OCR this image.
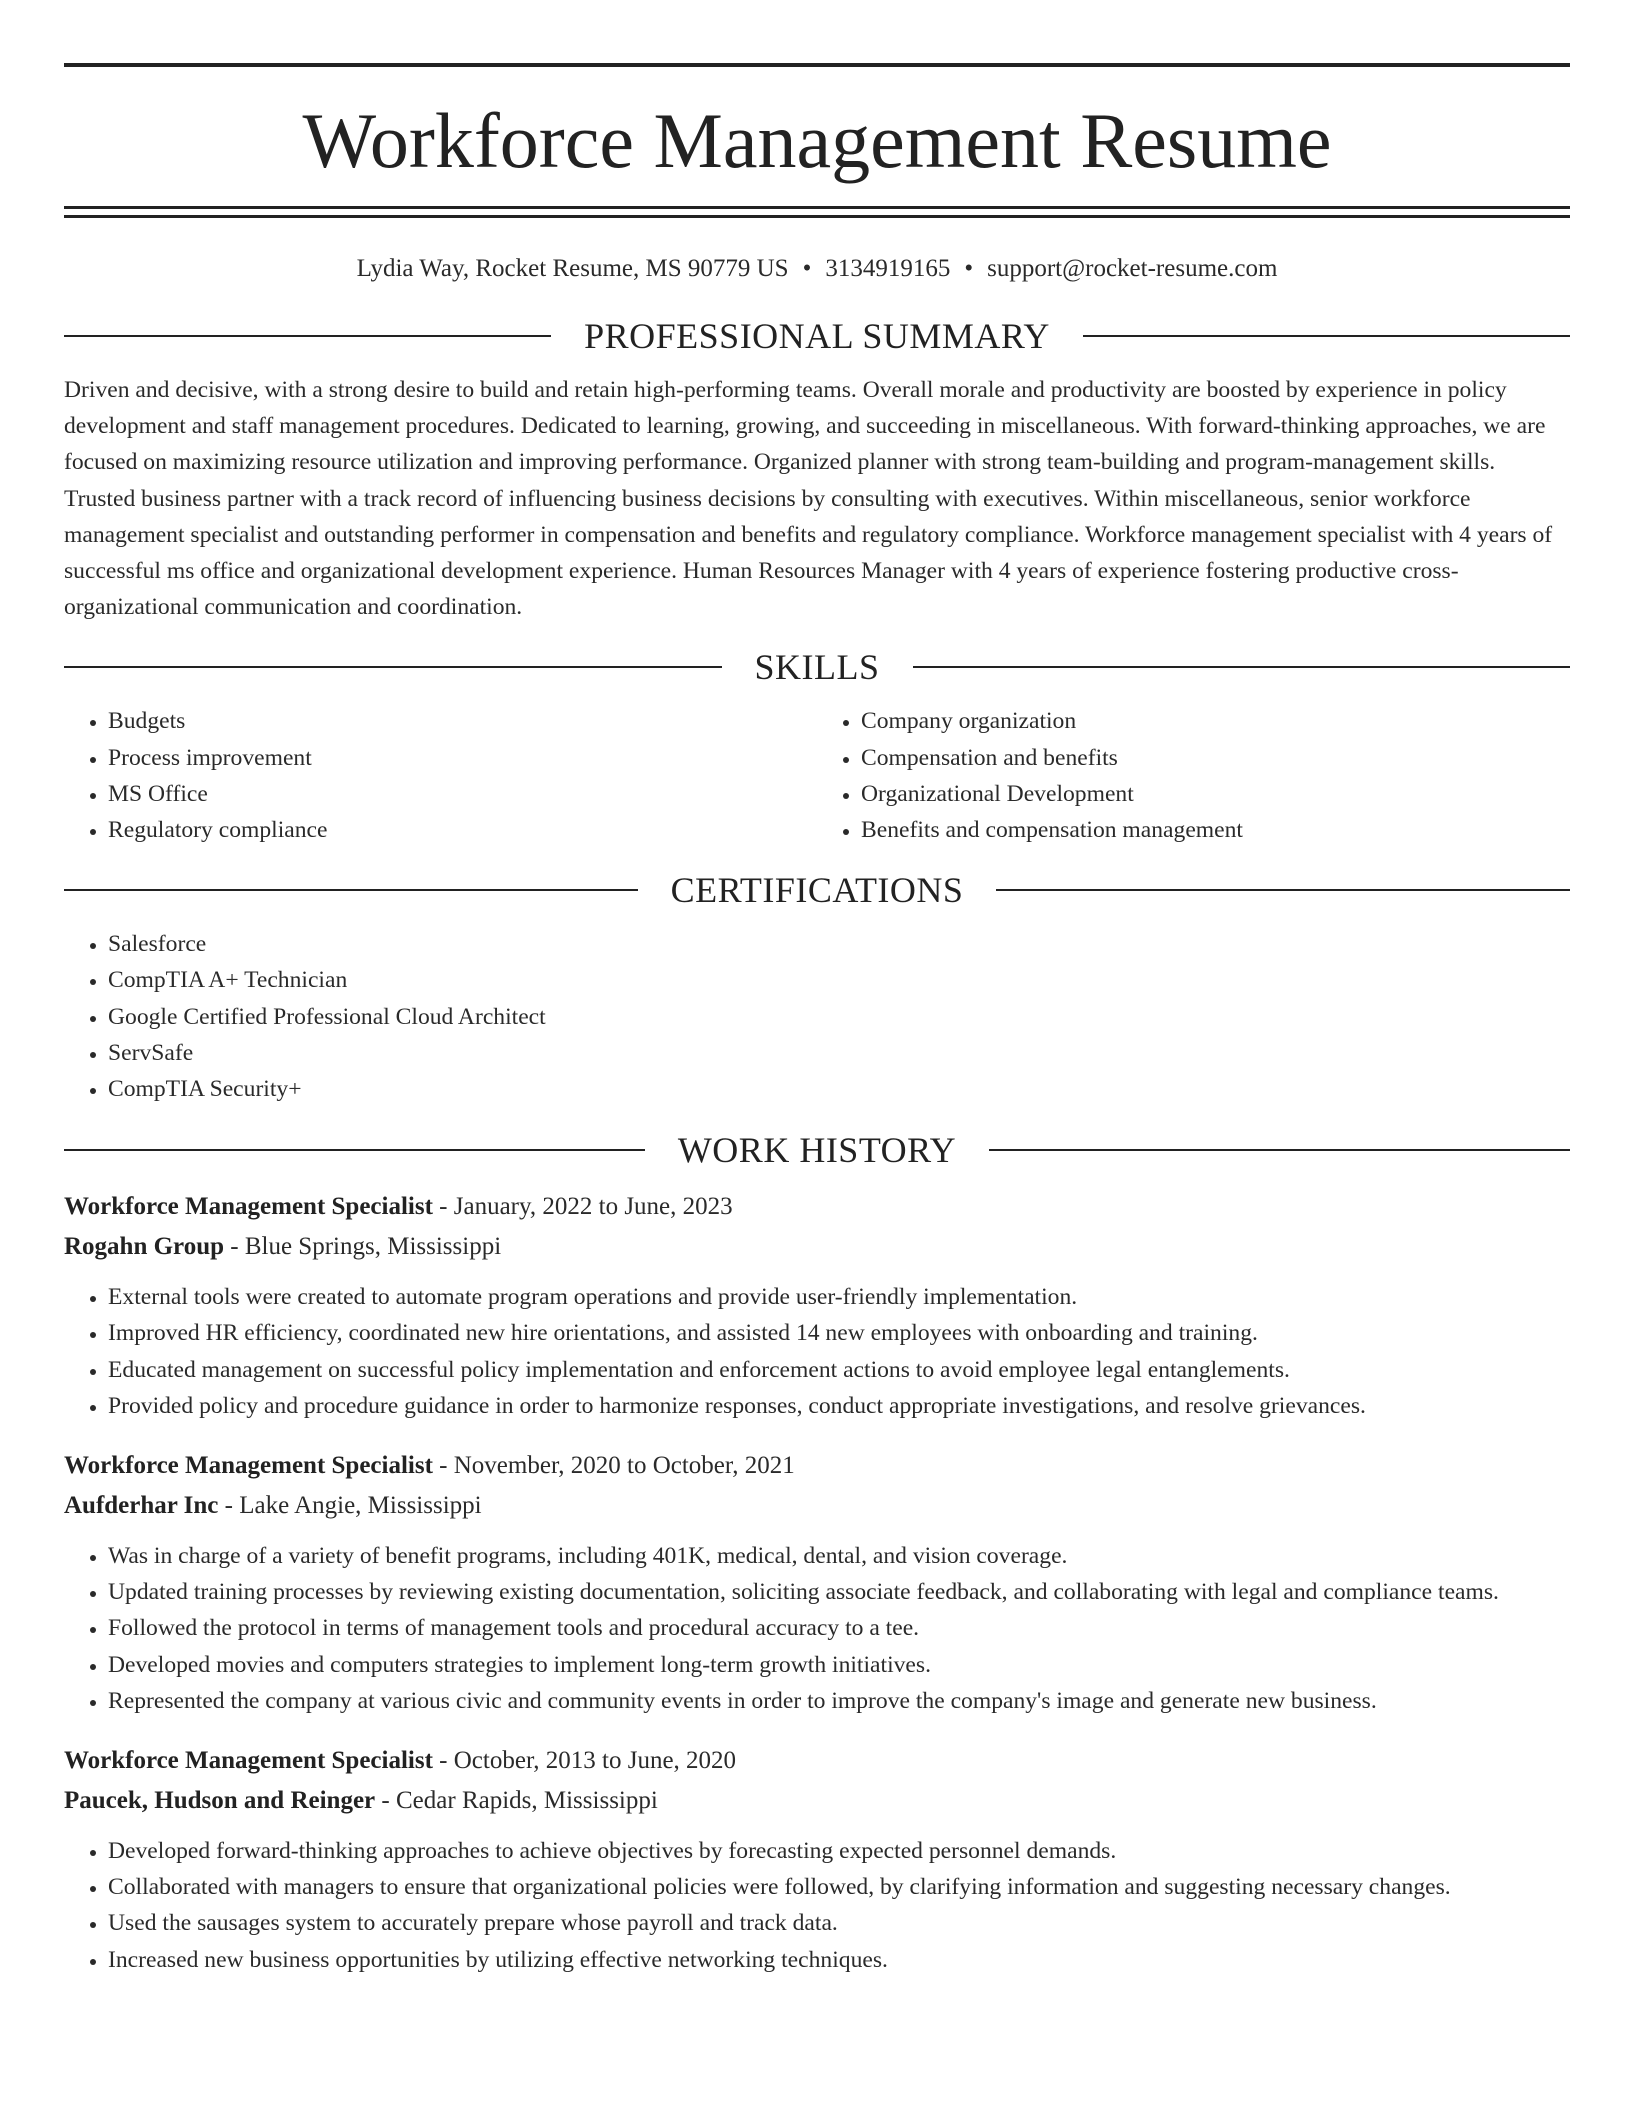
Workforce Management Resume
Lydia Way, Rocket Resume, MS 90779 US • 3134919165 • support@rocket-resume.com
PROFESSIONAL SUMMARY

Driven and decisive, with a strong desire to build and retain high-performing teams. Overall morale and productivity are boosted by experience in policy development and staff management procedures. Dedicated to learning, growing, and succeeding in miscellaneous. With forward-thinking approaches, we are focused on maximizing resource utilization and improving performance. Organized planner with strong team-building and program-management skills. Trusted business partner with a track record of influencing business decisions by consulting with executives. Within miscellaneous, senior workforce management specialist and outstanding performer in compensation and benefits and regulatory compliance. Workforce management specialist with 4 years of successful ms office and organizational development experience. Human Resources Manager with 4 years of experience fostering productive cross-organizational communication and coordination.

SKILLS
• Budgets
• Process improvement
• MS Office
• Regulatory compliance
• Company organization
• Compensation and benefits
• Organizational Development
• Benefits and compensation management
CERTIFICATIONS
• Salesforce
• CompTIA A+ Technician
• Google Certified Professional Cloud Architect
• ServSafe
• CompTIA Security+
WORK HISTORY
Workforce Management Specialist - January, 2022 to June, 2023
Rogahn Group - Blue Springs, Mississippi
• External tools were created to automate program operations and provide user-friendly implementation.
• Improved HR efficiency, coordinated new hire orientations, and assisted 14 new employees with onboarding and training.
• Educated management on successful policy implementation and enforcement actions to avoid employee legal entanglements.
• Provided policy and procedure guidance in order to harmonize responses, conduct appropriate investigations, and resolve grievances.
Workforce Management Specialist - November, 2020 to October, 2021
Aufderhar Inc - Lake Angie, Mississippi
• Was in charge of a variety of benefit programs, including 401K, medical, dental, and vision coverage.
• Updated training processes by reviewing existing documentation, soliciting associate feedback, and collaborating with legal and compliance teams.
• Followed the protocol in terms of management tools and procedural accuracy to a tee.
• Developed movies and computers strategies to implement long-term growth initiatives.
• Represented the company at various civic and community events in order to improve the company's image and generate new business.
Workforce Management Specialist - October, 2013 to June, 2020
Paucek, Hudson and Reinger - Cedar Rapids, Mississippi
• Developed forward-thinking approaches to achieve objectives by forecasting expected personnel demands.
• Collaborated with managers to ensure that organizational policies were followed, by clarifying information and suggesting necessary changes.
• Used the sausages system to accurately prepare whose payroll and track data.
• Increased new business opportunities by utilizing effective networking techniques.
